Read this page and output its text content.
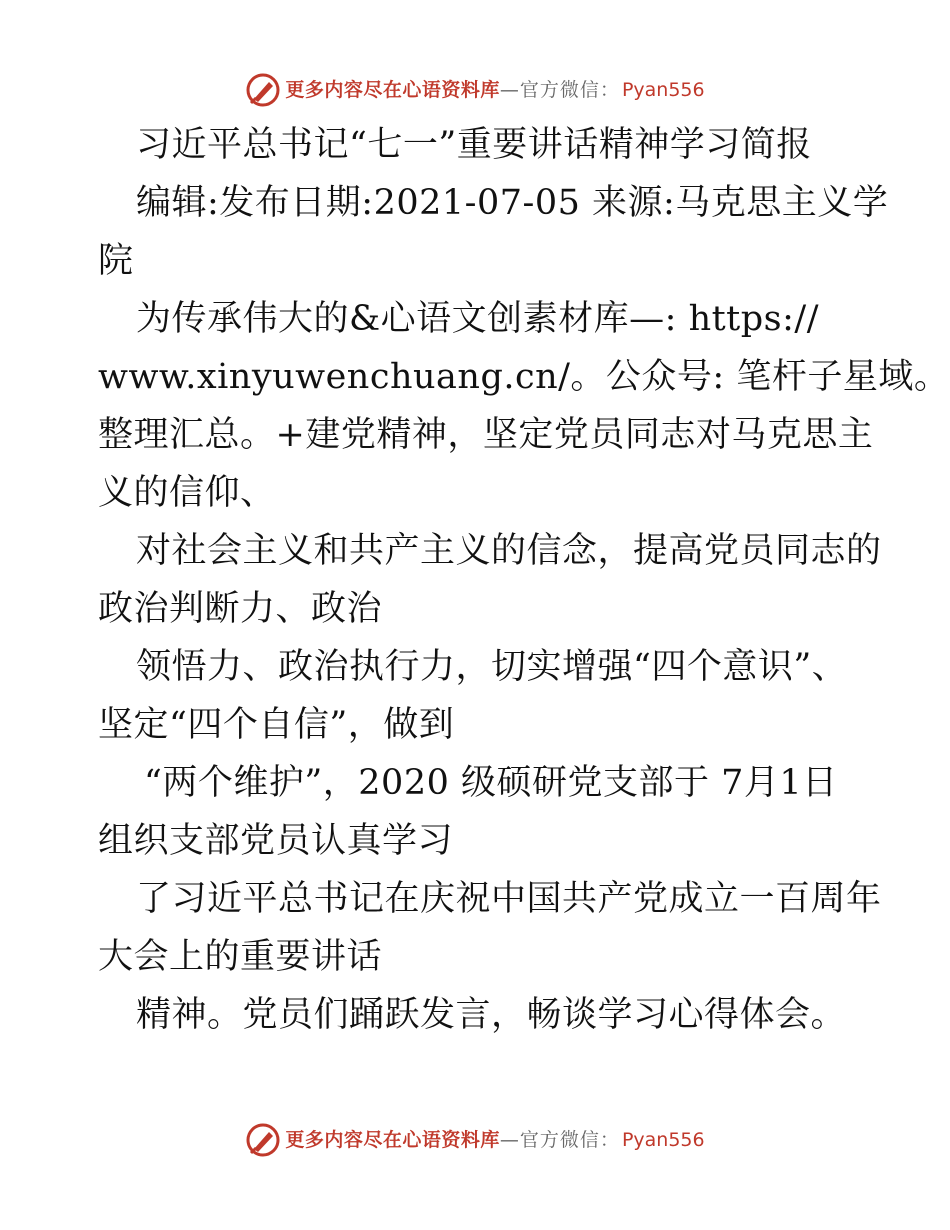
更多内容尽在心语资料库 —官方微信： Pyan556

习近平总书记“七一”重要讲话精神学习简报

编辑:发布日期:2021-07-05 来源:马克思主义学

院

为传承伟大的&心语文创素材库—: https://

www.xinyuwenchuang.cn/。公众号: 笔杆子星域。

整理汇总。+建党精神，坚定党员同志对马克思主

义的信仰、

对社会主义和共产主义的信念，提高党员同志的

政治判断力、政治

领悟力、政治执行力，切实增强“四个意识”、

坚定“四个自信”，做到

“两个维护”，2020 级硕研党支部于 7月1日

组织支部党员认真学习

了习近平总书记在庆祝中国共产党成立一百周年

大会上的重要讲话

精神。党员们踊跃发言，畅谈学习心得体会。

更多内容尽在心语资料库 —官方微信： Pyan556
